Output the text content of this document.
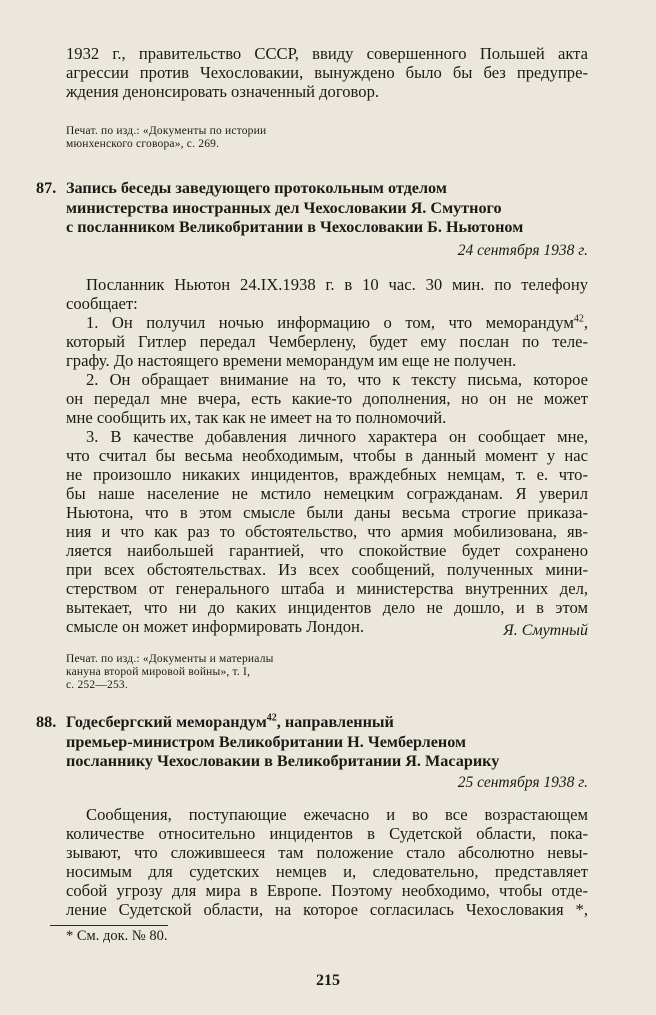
1932 г., правительство СССР, ввиду совершенного Польшей акта
агрессии против Чехословакии, вынуждено было бы без предупре-
ждения денонсировать означенный договор.
Печат. по изд.: «Документы по истории
мюнхенского сговора», с. 269.
87. Запись беседы заведующего протокольным отделом
министерства иностранных дел Чехословакии Я. Смутного
с посланником Великобритании в Чехословакии Б. Ньютоном
24 сентября 1938 г.
Посланник Ньютон 24.IX.1938 г. в 10 час. 30 мин. по телефону
сообщает:
1. Он получил ночью информацию о том, что меморандум$^{42}$,
который Гитлер передал Чемберлену, будет ему послан по теле-
графу. До настоящего времени меморандум им еще не получен.
2. Он обращает внимание на то, что к тексту письма, которое
он передал мне вчера, есть какие-то дополнения, но он не может
мне сообщить их, так как не имеет на то полномочий.
3. В качестве добавления личного характера он сообщает мне,
что считал бы весьма необходимым, чтобы в данный момент у нас
не произошло никаких инцидентов, враждебных немцам, т. е. что-
бы наше население не мстило немецким согражданам. Я уверил
Ньютона, что в этом смысле были даны весьма строгие приказа-
ния и что как раз то обстоятельство, что армия мобилизована, яв-
ляется наибольшей гарантией, что спокойствие будет сохранено
при всех обстоятельствах. Из всех сообщений, полученных мини-
стерством от генерального штаба и министерства внутренних дел,
вытекает, что ни до каких инцидентов дело не дошло, и в этом
смысле он может информировать Лондон.	Я. Смутный
Печат. по изд.: «Документы и материалы
кануна второй мировой войны», т. I,
с. 252—253.
88. Годесбергский меморандум$^{42}$, направленный
премьер-министром Великобритании Н. Чемберленом
посланнику Чехословакии в Великобритании Я. Масарику
25 сентября 1938 г.
Сообщения, поступающие ежечасно и во все возрастающем
количестве относительно инцидентов в Судетской области, пока-
зывают, что сложившееся там положение стало абсолютно невы-
носимым для судетских немцев и, следовательно, представляет
собой угрозу для мира в Европе. Поэтому необходимо, чтобы отде-
ление Судетской области, на которое согласилась Чехословакия *,
* См. док. № 80.
215
